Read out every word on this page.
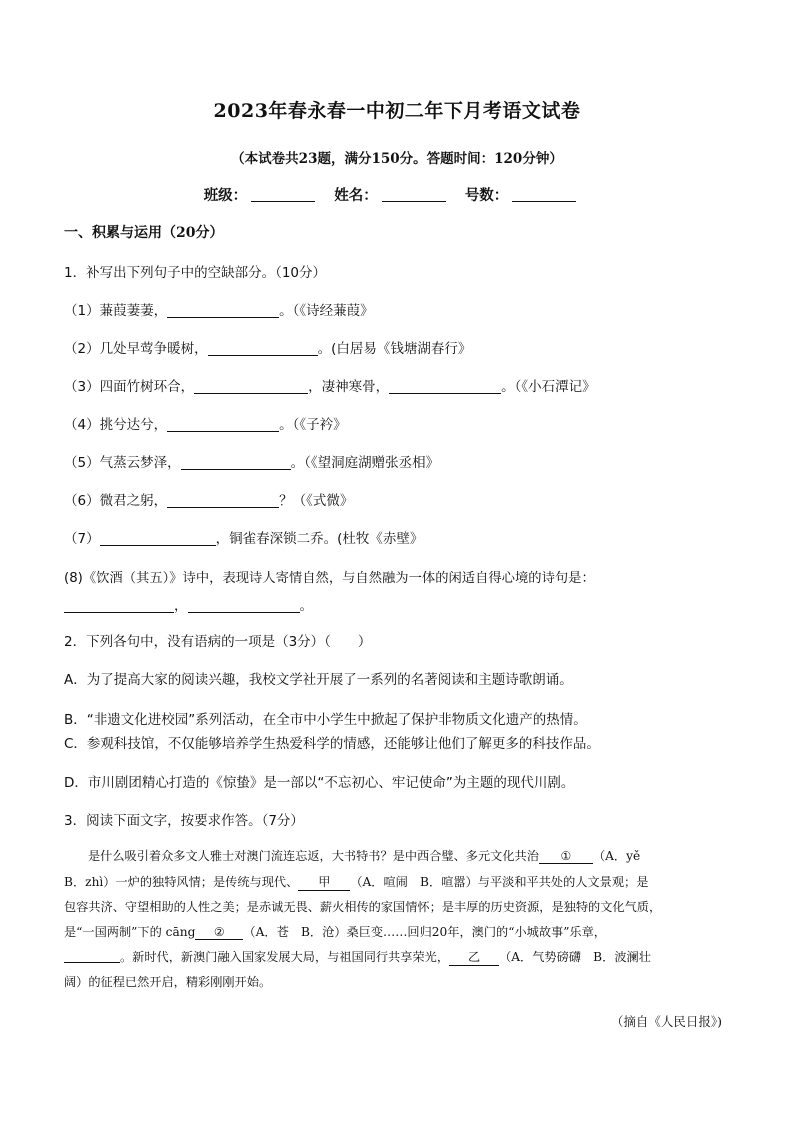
2023年春永春一中初二年下月考语文试卷
（本试卷共23题，满分150分。答题时间：120分钟）
班级：	姓名：	号数：
一、积累与运用（20分）
1．补写出下列句子中的空缺部分。（10分）
（1）蒹葭萋萋，	。（《诗经蒹葭》
（2）几处早莺争暖树，	。(白居易《钱塘湖春行》
（3）四面竹树环合，	，凄神寒骨，	。（《小石潭记》
（4）挑兮达兮，	。（《子衿》
（5）气蒸云梦泽，	。（《望洞庭湖赠张丞相》
（6）微君之躬，	？（《式微》
（7）	，铜雀春深锁二乔。(杜牧《赤壁》
(8)《饮酒（其五）》诗中，表现诗人寄情自然，与自然融为一体的闲适自得心境的诗句是：
，	。
2．下列各句中，没有语病的一项是（3分）（　　）
A．为了提高大家的阅读兴趣，我校文学社开展了一系列的名著阅读和主题诗歌朗诵。
B．“非遗文化进校园”系列活动，在全市中小学生中掀起了保护非物质文化遗产的热情。
C．参观科技馆，不仅能够培养学生热爱科学的情感，还能够让他们了解更多的科技作品。
D．市川剧团精心打造的《惊蛰》是一部以“不忘初心、牢记使命”为主题的现代川剧。
3．阅读下面文字，按要求作答。（7分）
是什么吸引着众多文人雅士对澳门流连忘返，大书特书？是中西合璧、多元文化共治 ① （A．yě
B．zhì）一炉的独特风情；是传统与现代、 甲 （A．喧闹　B．喧嚣）与平淡和平共处的人文景观；是
包容共济、守望相助的人性之美；是赤诚无畏、薪火相传的家国情怀；是丰厚的历史资源，是独特的文化气质，
是“一国两制”下的 cāng ② （A．苍　B．沧）桑巨变……回归20年，澳门的“小城故事”乐章，
。新时代，新澳门融入国家发展大局，与祖国同行共享荣光， 乙 （A．气势磅礴　B．波澜壮
阔）的征程已然开启，精彩刚刚开始。
（摘自《人民日报》)
